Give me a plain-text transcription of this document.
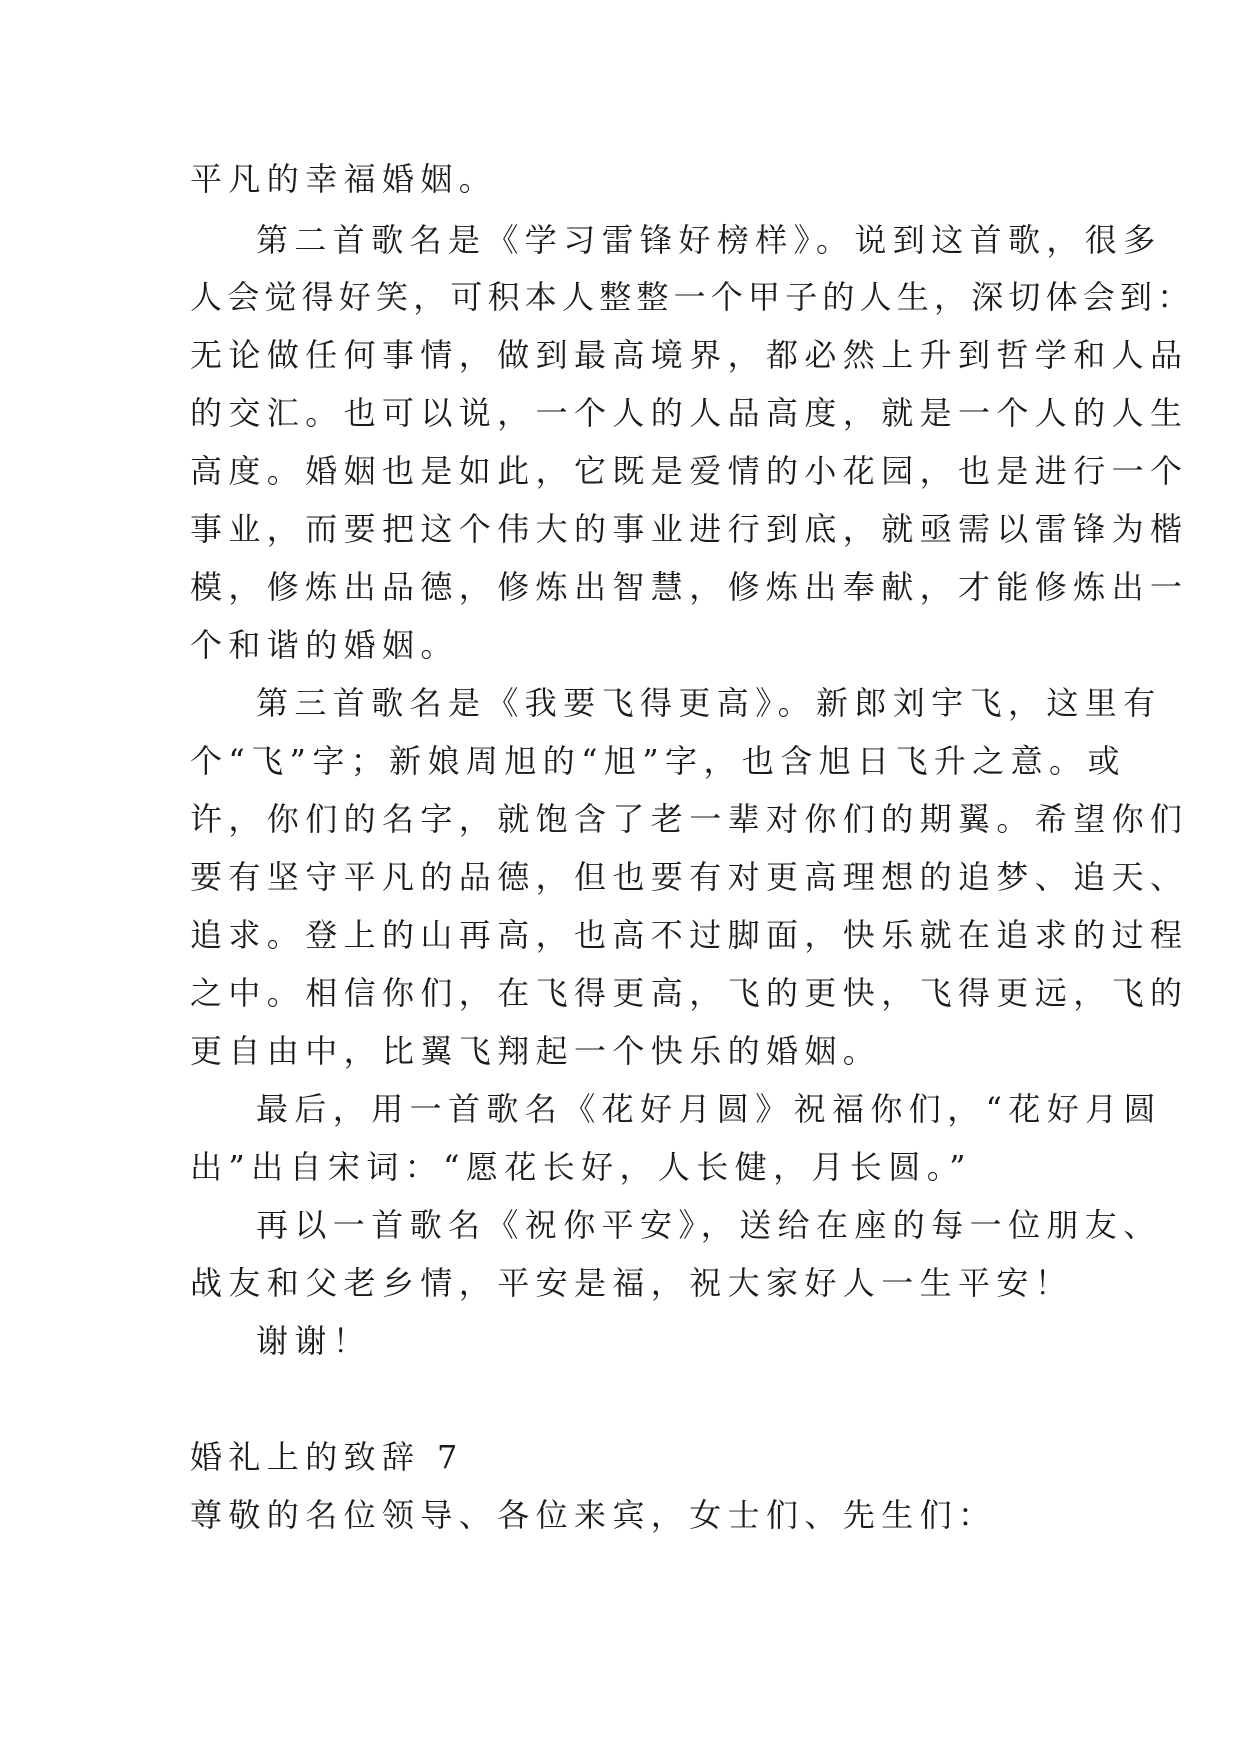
平凡的幸福婚姻。
第二首歌名是《学习雷锋好榜样》。说到这首歌，很多
人会觉得好笑，可积本人整整一个甲子的人生，深切体会到：
无论做任何事情，做到最高境界，都必然上升到哲学和人品
的交汇。也可以说，一个人的人品高度，就是一个人的人生
高度。婚姻也是如此，它既是爱情的小花园，也是进行一个
事业，而要把这个伟大的事业进行到底，就亟需以雷锋为楷
模，修炼出品德，修炼出智慧，修炼出奉献，才能修炼出一
个和谐的婚姻。
第三首歌名是《我要飞得更高》。新郎刘宇飞，这里有
个“飞”字；新娘周旭的“旭”字，也含旭日飞升之意。或
许，你们的名字，就饱含了老一辈对你们的期翼。希望你们
要有坚守平凡的品德，但也要有对更高理想的追梦、追天、
追求。登上的山再高，也高不过脚面，快乐就在追求的过程
之中。相信你们，在飞得更高，飞的更快，飞得更远，飞的
更自由中，比翼飞翔起一个快乐的婚姻。
最后，用一首歌名《花好月圆》祝福你们，“花好月圆
出”出自宋词：“愿花长好，人长健，月长圆。”
再以一首歌名《祝你平安》，送给在座的每一位朋友、
战友和父老乡情，平安是福，祝大家好人一生平安！
谢谢！
婚礼上的致辞 7
尊敬的名位领导、各位来宾，女士们、先生们：
